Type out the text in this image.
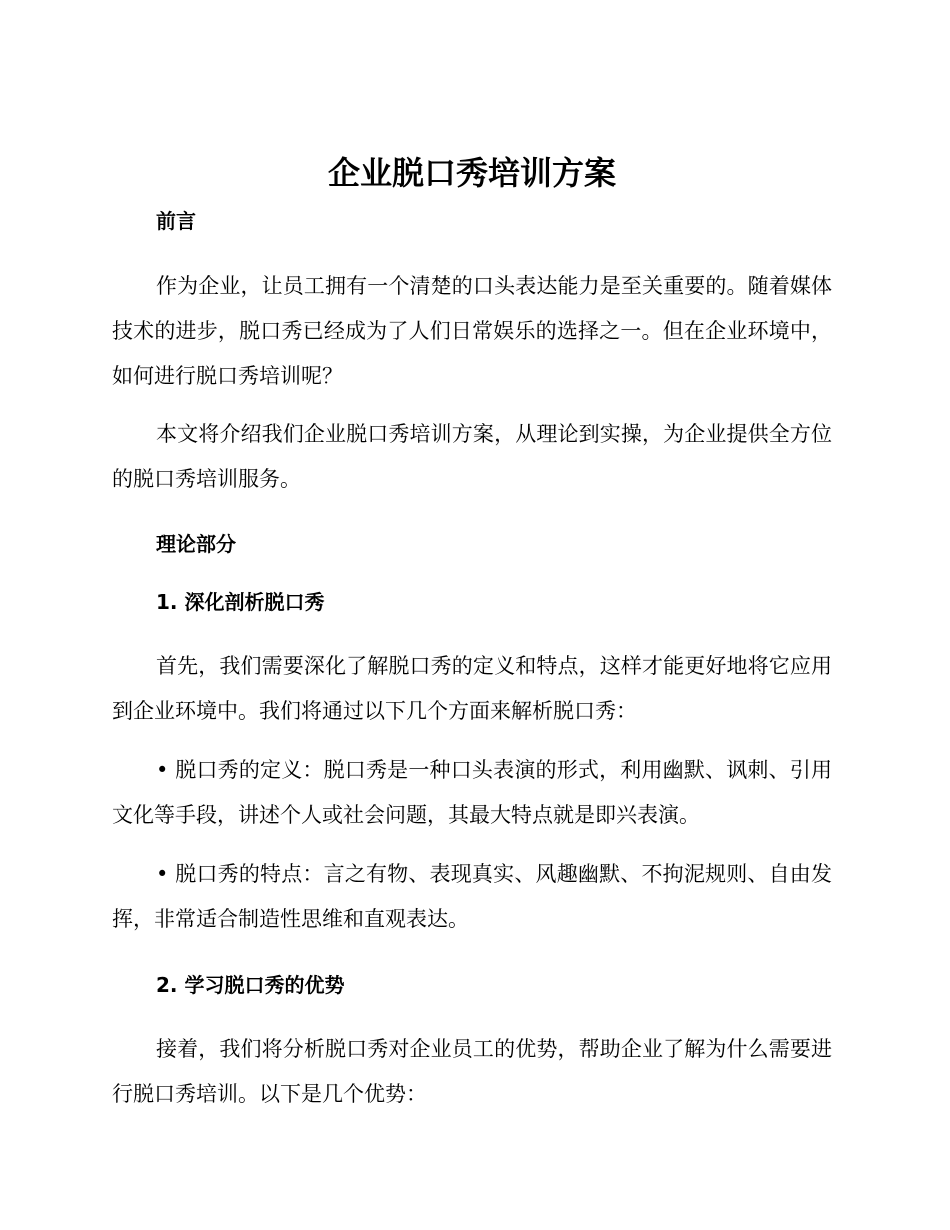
企业脱口秀培训方案

前言

作为企业，让员工拥有一个清楚的口头表达能力是至关重要的。随着媒体技术的进步，脱口秀已经成为了人们日常娱乐的选择之一。但在企业环境中，如何进行脱口秀培训呢？

本文将介绍我们企业脱口秀培训方案，从理论到实操，为企业提供全方位的脱口秀培训服务。

理论部分

1. 深化剖析脱口秀

首先，我们需要深化了解脱口秀的定义和特点，这样才能更好地将它应用到企业环境中。我们将通过以下几个方面来解析脱口秀：

• 脱口秀的定义：脱口秀是一种口头表演的形式，利用幽默、讽刺、引用文化等手段，讲述个人或社会问题，其最大特点就是即兴表演。

• 脱口秀的特点：言之有物、表现真实、风趣幽默、不拘泥规则、自由发挥，非常适合制造性思维和直观表达。

2. 学习脱口秀的优势

接着，我们将分析脱口秀对企业员工的优势，帮助企业了解为什么需要进行脱口秀培训。以下是几个优势：
